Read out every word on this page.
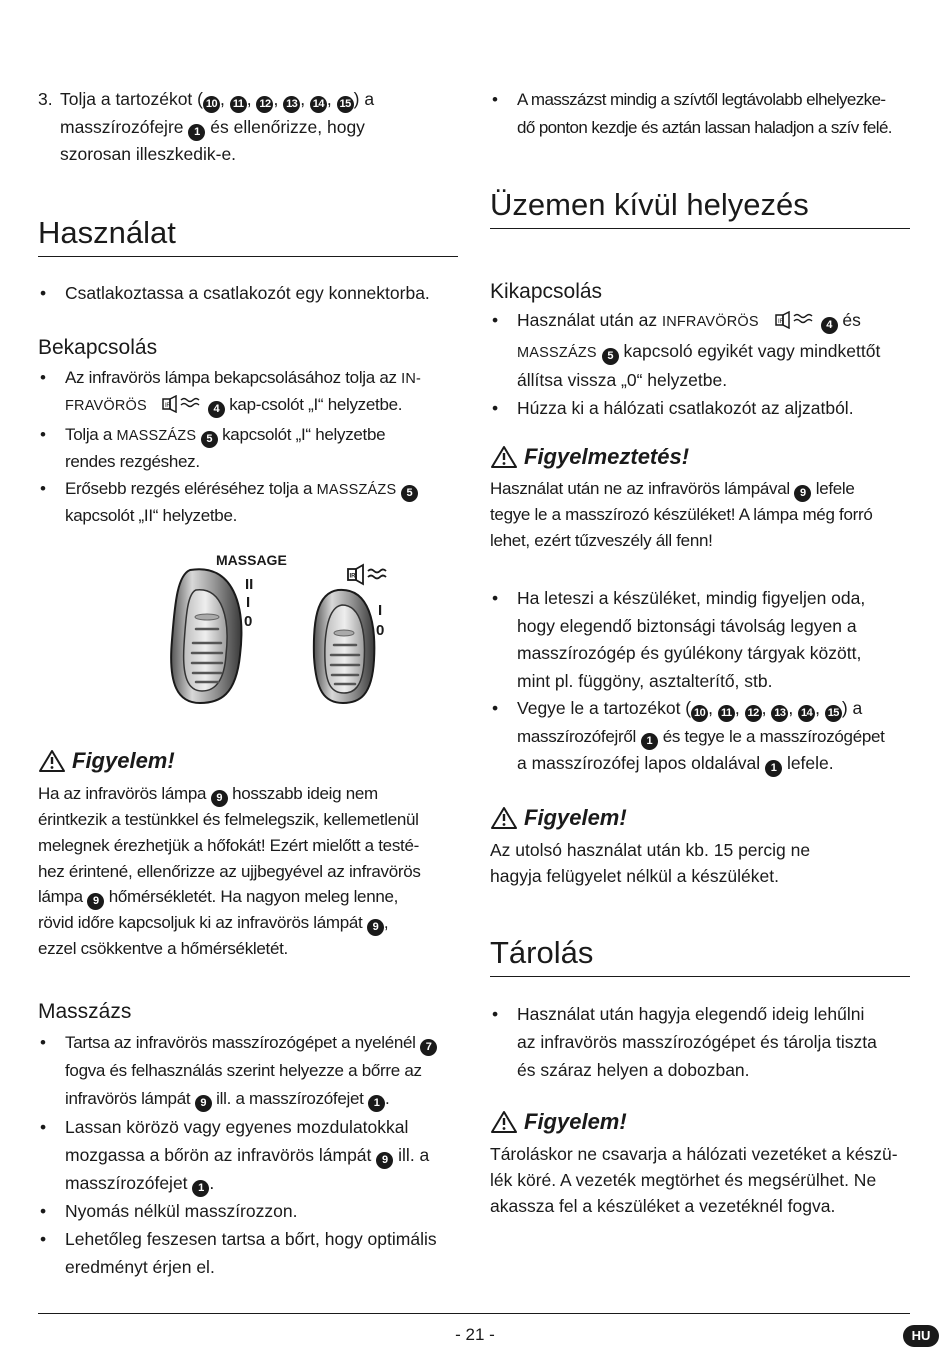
3. Tolja a tartozékot ( 10 , 11 , 12 , 13 , 14 , 15 ) a
masszírozófejre 1 és ellenőrizze, hogy
szorosan illeszkedik-e.

Használat

• Csatlakoztassa a csatlakozót egy konnektorba.

Bekapcsolás

• Az infravörös lámpa bekapcsolásához tolja az IN-
FRAVÖRÖS	IR	4 kap-csolót „I“ helyzetbe.

• Tolja a MASSZÁZS 5 kapcsolót „I“ helyzetbe
rendes rezgéshez.

• Erősebb rezgés eléréséhez tolja a MASSZÁZS 5
kapcsolót „II“ helyzetbe.

MASSAGE
II
I
0
IR
I
0
Figyelem!

Ha az infravörös lámpa 9 hosszabb ideig nem
érintkezik a testünkkel és felmelegszik, kellemetlenül
melegnek érezhetjük a hőfokát! Ezért mielőtt a testé-
hez érintené, ellenőrizze az ujjbegyével az infravörös
lámpa 9 hőmérsékletét. Ha nagyon meleg lenne,
rövid időre kapcsoljuk ki az infravörös lámpát 9 ,
ezzel csökkentve a hőmérsékletét.

Masszázs

• Tartsa az infravörös masszírozógépet a nyelénél 7
fogva és felhasználás szerint helyezze a bőrre az
infravörös lámpát 9 ill. a masszírozófejet 1 .

• Lassan körözö vagy egyenes mozdulatokkal
mozgassa a bőrön az infravörös lámpát 9 ill. a
masszírozófejet 1 .

• Nyomás nélkül masszírozzon.

• Lehetőleg feszesen tartsa a bőrt, hogy optimális
eredményt érjen el.

• A masszázst mindig a szívtől legtávolabb elhelyezke-
dő ponton kezdje és aztán lassan haladjon a szív felé.

Üzemen kívül helyezés
Kikapcsolás

• Használat után az INFRAVÖRÖS	IR	4 és
MASSZÁZS 5 kapcsoló egyikét vagy mindkettőt
állítsa vissza „0“ helyzetbe.

• Húzza ki a hálózati csatlakozót az aljzatból.

Figyelmeztetés!

Használat után ne az infravörös lámpával 9 lefele
tegye le a masszírozó készüléket! A lámpa még forró
lehet, ezért tűzveszély áll fenn!

• Ha leteszi a készüléket, mindig figyeljen oda,
hogy elegendő biztonsági távolság legyen a
masszírozógép és gyúlékony tárgyak között,
mint pl. függöny, asztalterítő, stb.

• Vegye le a tartozékot ( 10 , 11 , 12 , 13 , 14 , 15 ) a
masszírozófejről 1 és tegye le a masszírozógépet
a masszírozófej lapos oldalával 1 lefele.

Figyelem!

Az utolsó használat után kb. 15 percig ne
hagyja felügyelet nélkül a készüléket.

Tárolás

• Használat után hagyja elegendő ideig lehűlni
az infravörös masszírozógépet és tárolja tiszta
és száraz helyen a dobozban.

Figyelem!

Tároláskor ne csavarja a hálózati vezetéket a készü-
lék köré. A vezeték megtörhet és megsérülhet. Ne
akassza fel a készüléket a vezetéknél fogva.

- 21 -	HU
